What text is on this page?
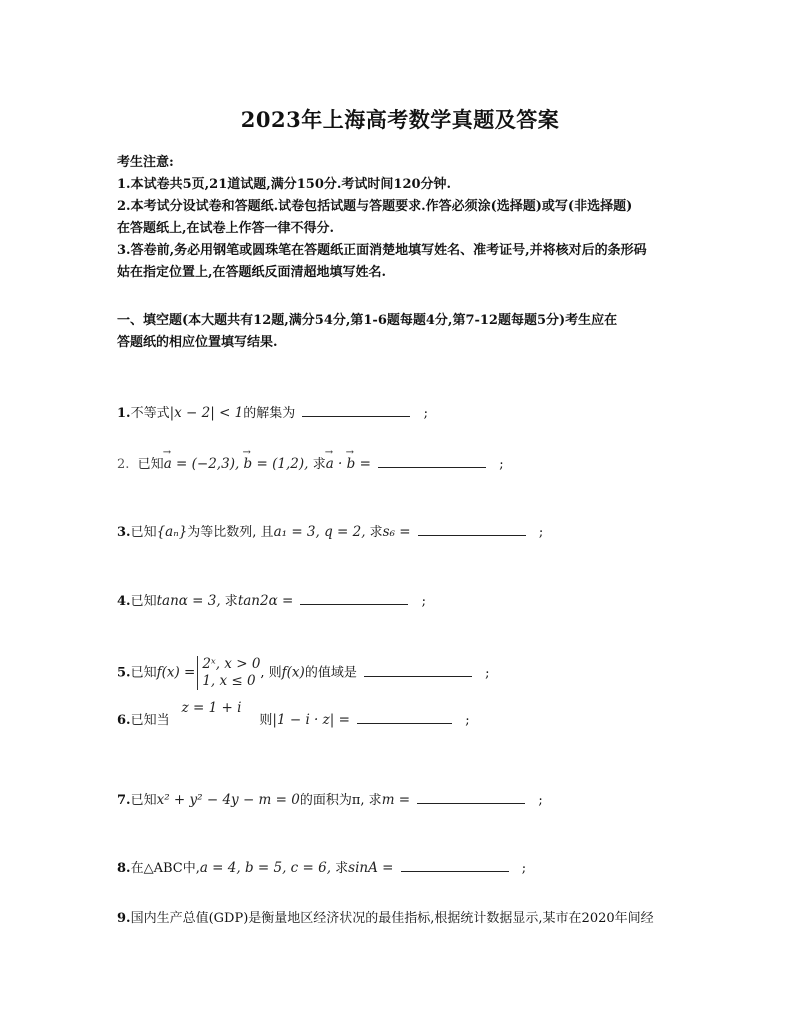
2023年上海高考数学真题及答案
考生注意:
1.本试卷共5页,21道试题,满分150分.考试时间120分钟.
2.本考试分设试卷和答题纸.试卷包括试题与答题要求.作答必须涂(选择题)或写(非选择题)
在答题纸上,在试卷上作答一律不得分.
3.答卷前,务必用钢笔或圆珠笔在答题纸正面消楚地填写姓名、准考证号,并将核对后的条形码
姑在指定位置上,在答题纸反面清超地填写姓名.
一、填空题(本大题共有12题,满分54分,第1-6题每题4分,第7-12题每题5分)考生应在
答题纸的相应位置填写结果.
1.不等式|x − 2| < 1的解集为	;
2. 已知→ a = (−2,3), → b = (1,2), 求→ a · → b =	;
3.已知{aₙ}为等比数列, 且a₁ = 3, q = 2, 求s₆ =	;
4.已知tanα = 3, 求tan2α =	;
5.已知f(x) =2ˣ, x > 0
1, x ≤ 0 , 则f(x)的值域是	;
6.已知当z = 1 + i则|1 − i · z| =	;
7.已知x² + y² − 4y − m = 0的面积为π, 求m =	;
8.在△ABC中,a = 4, b = 5, c = 6, 求sinA =	;
9.国内生产总值(GDP)是衡量地区经济状况的最佳指标,根据统计数据显示,某市在2020年间经
